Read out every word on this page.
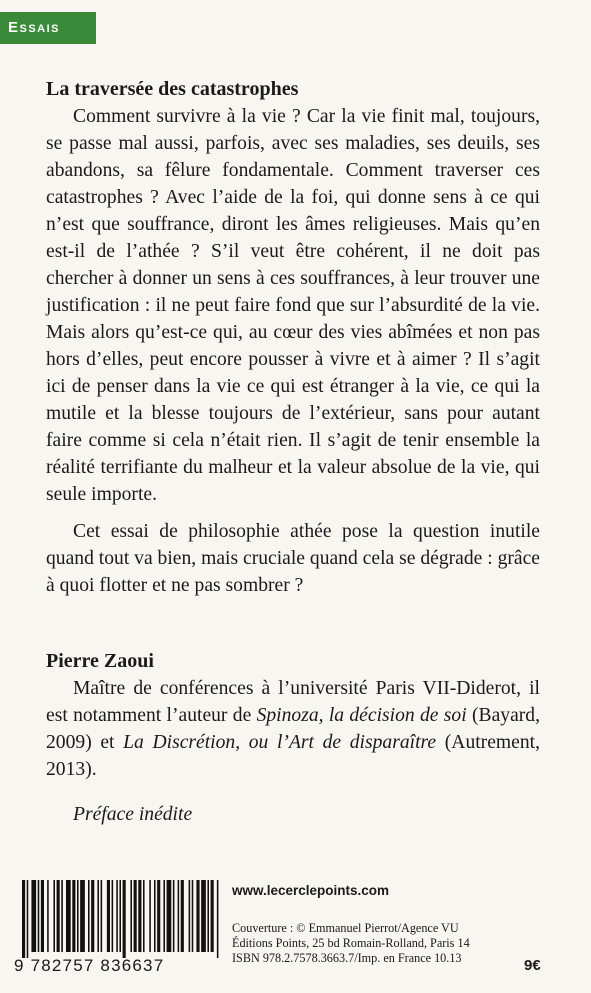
Essais
La traversée des catastrophes

Comment survivre à la vie ? Car la vie finit mal, toujours, se passe mal aussi, parfois, avec ses maladies, ses deuils, ses abandons, sa fêlure fondamentale. Comment traverser ces catastrophes ? Avec l’aide de la foi, qui donne sens à ce qui n’est que souffrance, diront les âmes religieuses. Mais qu’en est-il de l’athée ? S’il veut être cohérent, il ne doit pas chercher à donner un sens à ces souffrances, à leur trouver une justification : il ne peut faire fond que sur l’absurdité de la vie. Mais alors qu’est-ce qui, au cœur des vies abîmées et non pas hors d’elles, peut encore pousser à vivre et à aimer ? Il s’agit ici de penser dans la vie ce qui est étranger à la vie, ce qui la mutile et la blesse toujours de l’extérieur, sans pour autant faire comme si cela n’était rien. Il s’agit de tenir ensemble la réalité terrifiante du malheur et la valeur absolue de la vie, qui seule importe.

Cet essai de philosophie athée pose la question inutile quand tout va bien, mais cruciale quand cela se dégrade : grâce à quoi flotter et ne pas sombrer ?

Pierre Zaoui

Maître de conférences à l’université Paris VII-Diderot, il est notamment l’auteur de Spinoza, la décision de soi (Bayard, 2009) et La Discrétion, ou l’Art de disparaître (Autrement, 2013).

Préface inédite

9 782757 836637

www.lecerclepoints.com

Couverture : © Emmanuel Pierrot/Agence VU
Éditions Points, 25 bd Romain-Rolland, Paris 14
ISBN 978.2.7578.3663.7/Imp. en France 10.13	9€
